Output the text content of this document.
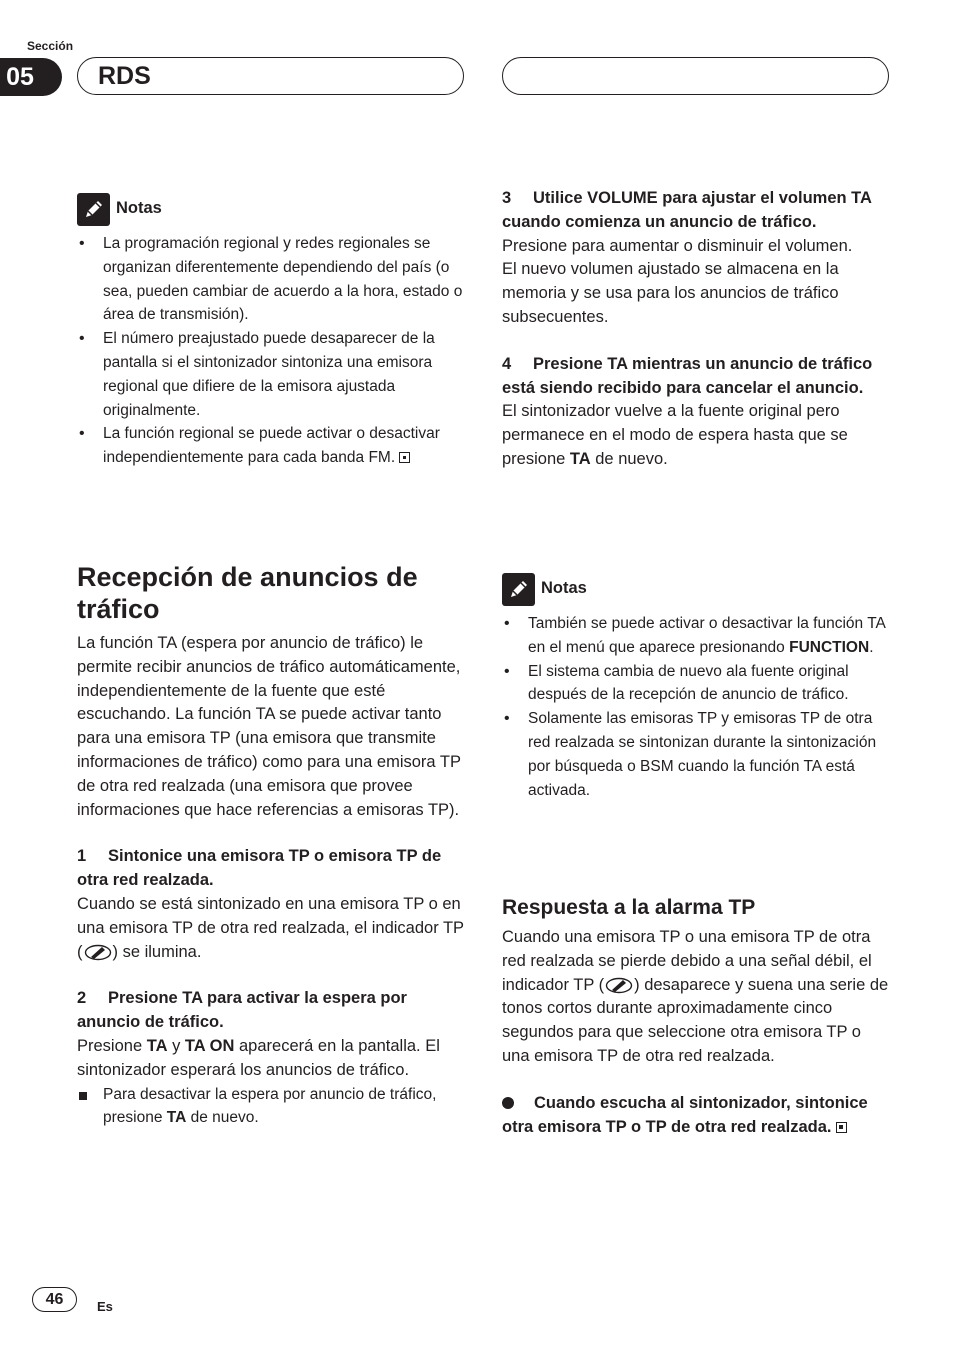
Sección
05	RDS
Notas
• La programación regional y redes regionales se organizan diferentemente dependiendo del país (o sea, pueden cambiar de acuerdo a la hora, estado o área de transmisión).
• El número preajustado puede desaparecer de la pantalla si el sintonizador sintoniza una emisora regional que difiere de la emisora ajustada originalmente.
• La función regional se puede activar o desactivar independientemente para cada banda FM.
Recepción de anuncios de tráfico

La función TA (espera por anuncio de tráfico) le permite recibir anuncios de tráfico automáticamente, independientemente de la fuente que esté escuchando. La función TA se puede activar tanto para una emisora TP (una emisora que transmite informaciones de tráfico) como para una emisora TP de otra red realzada (una emisora que provee informaciones que hace referencias a emisoras TP).

1 Sintonice una emisora TP o emisora TP de otra red realzada.

Cuando se está sintonizado en una emisora TP o en una emisora TP de otra red realzada, el indicador TP ( ) se ilumina.

2 Presione TA para activar la espera por anuncio de tráfico.

Presione TA y TA ON aparecerá en la pantalla. El sintonizador esperará los anuncios de tráfico.

Para desactivar la espera por anuncio de tráfico, presione TA de nuevo.

3 Utilice VOLUME para ajustar el volumen TA cuando comienza un anuncio de tráfico.

Presione para aumentar o disminuir el volumen.

El nuevo volumen ajustado se almacena en la memoria y se usa para los anuncios de tráfico subsecuentes.

4 Presione TA mientras un anuncio de tráfico está siendo recibido para cancelar el anuncio.

El sintonizador vuelve a la fuente original pero permanece en el modo de espera hasta que se presione TA de nuevo.

Notas
• También se puede activar o desactivar la función TA en el menú que aparece presionando FUNCTION.
• El sistema cambia de nuevo ala fuente original después de la recepción de anuncio de tráfico.
• Solamente las emisoras TP y emisoras TP de otra red realzada se sintonizan durante la sintonización por búsqueda o BSM cuando la función TA está activada.
Respuesta a la alarma TP

Cuando una emisora TP o una emisora TP de otra red realzada se pierde debido a una señal débil, el indicador TP ( ) desaparece y suena una serie de tonos cortos durante aproximadamente cinco segundos para que seleccione otra emisora TP o una emisora TP de otra red realzada.

Cuando escucha al sintonizador, sintonice otra emisora TP o TP de otra red realzada.

46	Es
